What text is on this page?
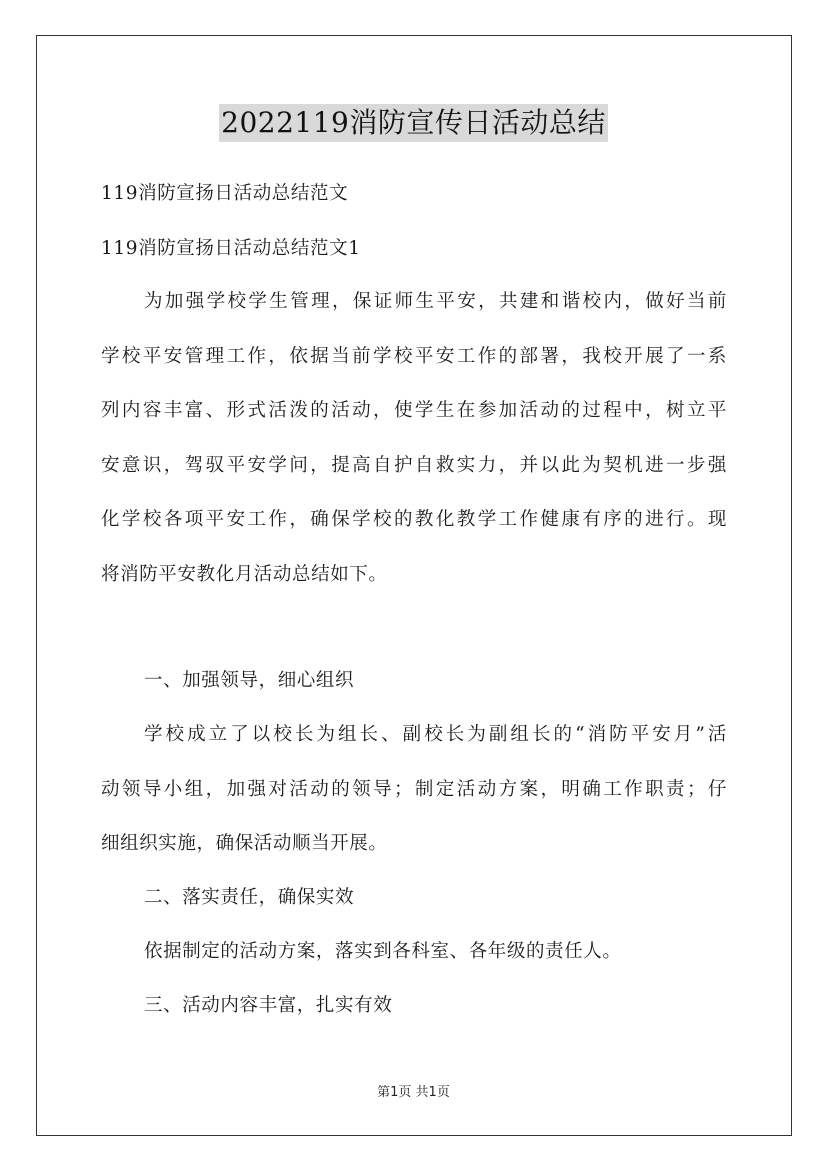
2022119消防宣传日活动总结
119消防宣扬日活动总结范文
119消防宣扬日活动总结范文1
为加强学校学生管理，保证师生平安，共建和谐校内，做好当前
学校平安管理工作，依据当前学校平安工作的部署，我校开展了一系
列内容丰富、形式活泼的活动，使学生在参加活动的过程中，树立平
安意识，驾驭平安学问，提高自护自救实力，并以此为契机进一步强
化学校各项平安工作，确保学校的教化教学工作健康有序的进行。现
将消防平安教化月活动总结如下。
一、加强领导，细心组织
学校成立了以校长为组长、副校长为副组长的“消防平安月”活
动领导小组，加强对活动的领导；制定活动方案，明确工作职责；仔
细组织实施，确保活动顺当开展。
二、落实责任，确保实效
依据制定的活动方案，落实到各科室、各年级的责任人。
三、活动内容丰富，扎实有效
第1页 共1页
